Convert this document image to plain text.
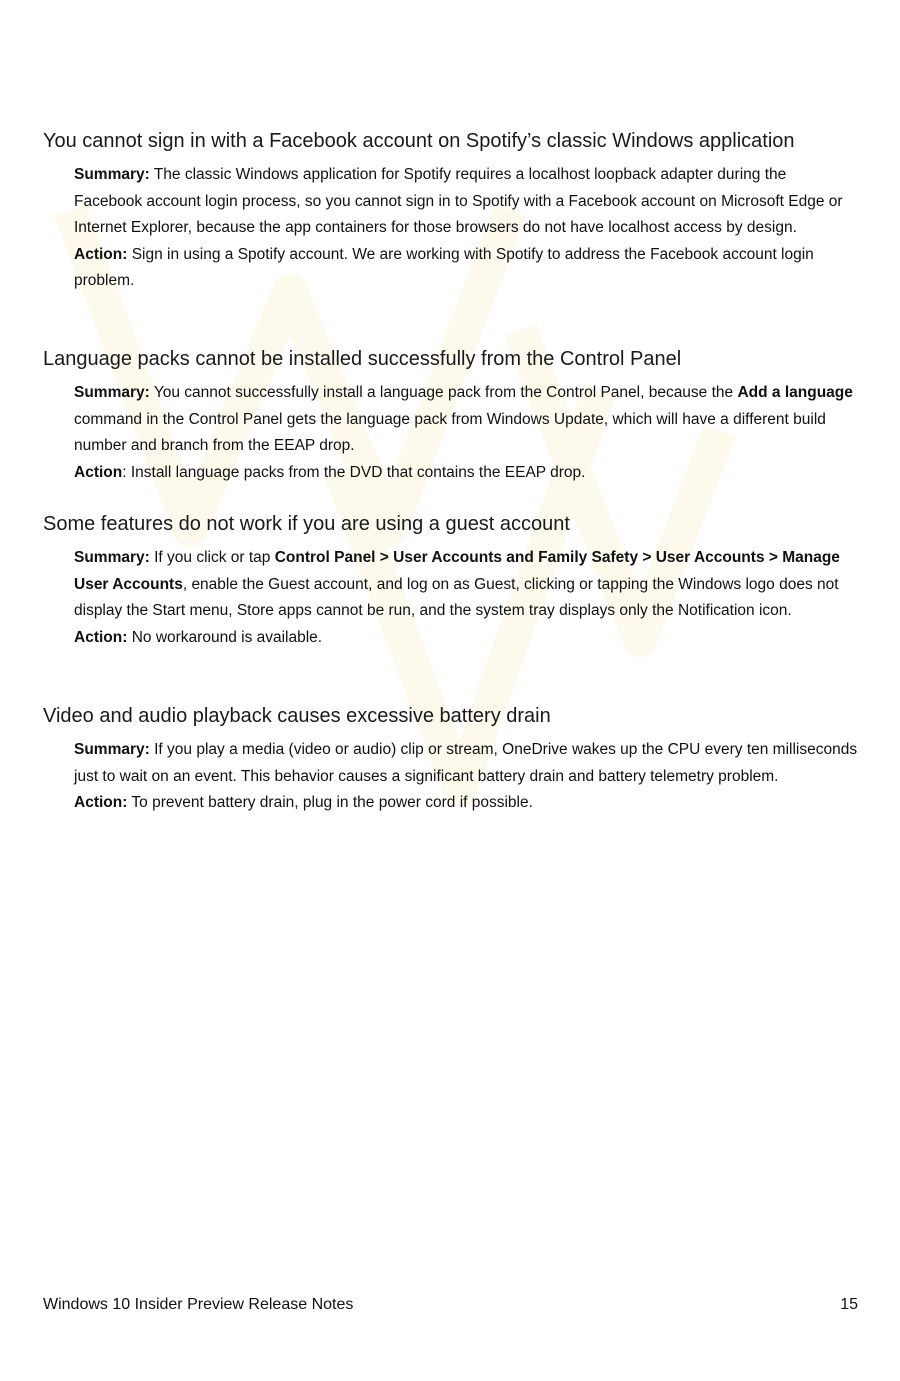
You cannot sign in with a Facebook account on Spotify’s classic Windows application

Summary: The classic Windows application for Spotify requires a localhost loopback adapter during the Facebook account login process, so you cannot sign in to Spotify with a Facebook account on Microsoft Edge or Internet Explorer, because the app containers for those browsers do not have localhost access by design.

Action: Sign in using a Spotify account. We are working with Spotify to address the Facebook account login problem.

Language packs cannot be installed successfully from the Control Panel

Summary: You cannot successfully install a language pack from the Control Panel, because the Add a language command in the Control Panel gets the language pack from Windows Update, which will have a different build number and branch from the EEAP drop.

Action: Install language packs from the DVD that contains the EEAP drop.

Some features do not work if you are using a guest account

Summary: If you click or tap Control Panel > User Accounts and Family Safety > User Accounts > Manage User Accounts, enable the Guest account, and log on as Guest, clicking or tapping the Windows logo does not display the Start menu, Store apps cannot be run, and the system tray displays only the Notification icon.

Action: No workaround is available.

Video and audio playback causes excessive battery drain

Summary: If you play a media (video or audio) clip or stream, OneDrive wakes up the CPU every ten milliseconds just to wait on an event. This behavior causes a significant battery drain and battery telemetry problem.

Action: To prevent battery drain, plug in the power cord if possible.

Windows 10 Insider Preview Release Notes	15
